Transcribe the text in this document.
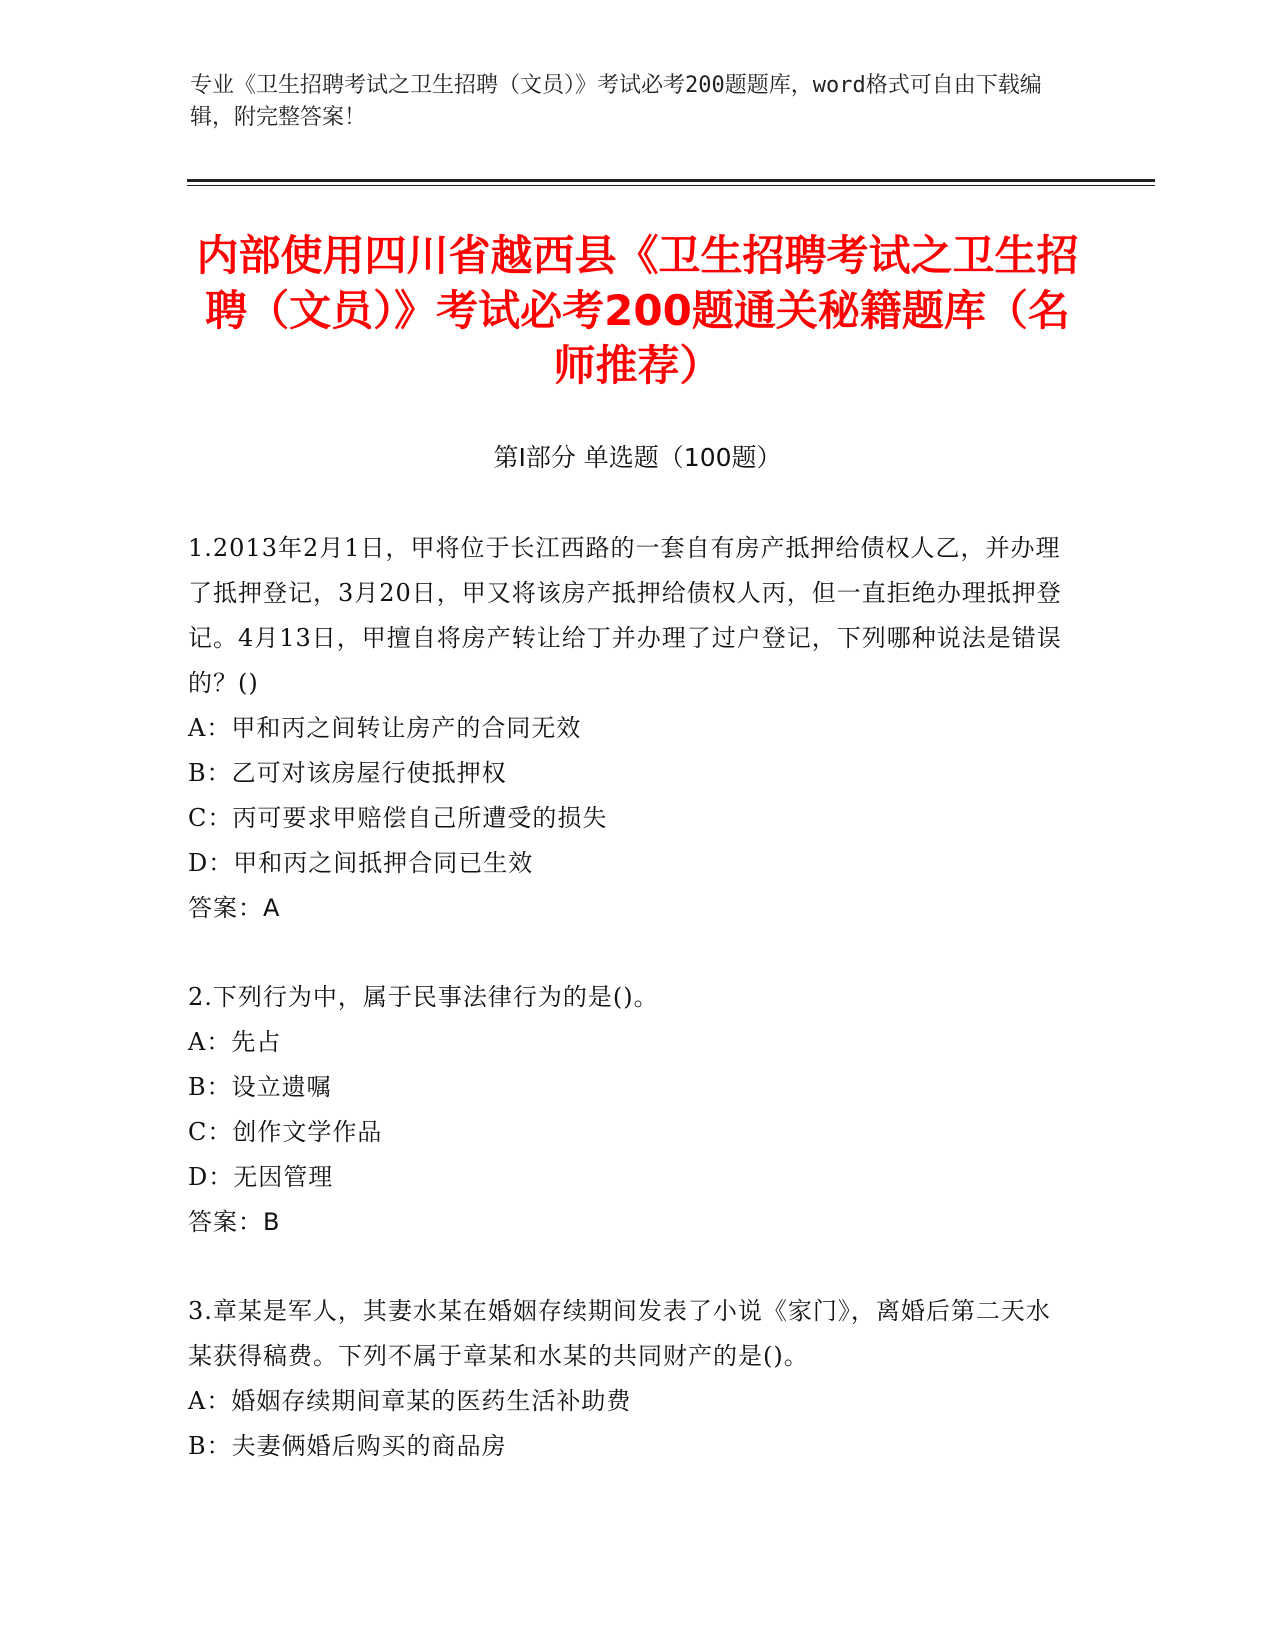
专业《卫生招聘考试之卫生招聘（文员）》考试必考200题题库，word格式可自由下载编辑，附完整答案！
内部使用四川省越西县《卫生招聘考试之卫生招聘（文员）》考试必考200题通关秘籍题库（名师推荐）
第Ⅰ部分 单选题（100题）
1.2013年2月1日，甲将位于长江西路的一套自有房产抵押给债权人乙，并办理了抵押登记，3月20日，甲又将该房产抵押给债权人丙，但一直拒绝办理抵押登记。4月13日，甲擅自将房产转让给丁并办理了过户登记，下列哪种说法是错误的？()
A：甲和丙之间转让房产的合同无效
B：乙可对该房屋行使抵押权
C：丙可要求甲赔偿自己所遭受的损失
D：甲和丙之间抵押合同已生效
答案：A
2.下列行为中，属于民事法律行为的是()。
A：先占
B：设立遗嘱
C：创作文学作品
D：无因管理
答案：B
3.章某是军人，其妻水某在婚姻存续期间发表了小说《家门》，离婚后第二天水某获得稿费。下列不属于章某和水某的共同财产的是()。
A：婚姻存续期间章某的医药生活补助费
B：夫妻俩婚后购买的商品房
